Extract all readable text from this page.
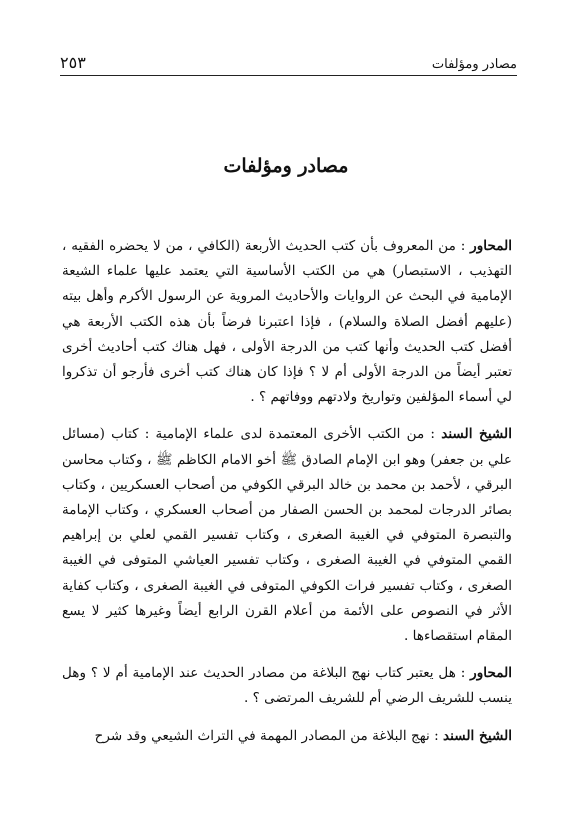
مصادر ومؤلفات
٢٥٣
مصادر ومؤلفات

المحاور : من المعروف بأن كتب الحديث الأربعة (الكافي ، من لا يحضره الفقيه ، التهذيب ، الاستبصار) هي من الكتب الأساسية التي يعتمد عليها علماء الشيعة الإمامية في البحث عن الروايات والأحاديث المروية عن الرسول الأكرم وأهل بيته (عليهم أفضل الصلاة والسلام) ، فإذا اعتبرنا فرضاً بأن هذه الكتب الأربعة هي أفضل كتب الحديث وأنها كتب من الدرجة الأولى ، فهل هناك كتب أحاديث أخرى تعتبر أيضاً من الدرجة الأولى أم لا ؟ فإذا كان هناك كتب أخرى فأرجو أن تذكروا لي أسماء المؤلفين وتواريخ ولادتهم ووفاتهم ؟ .

الشيخ السند : من الكتب الأخرى المعتمدة لدى علماء الإمامية : كتاب (مسائل علي بن جعفر) وهو ابن الإمام الصادق ﷺ أخو الامام الكاظم ﷺ ، وكتاب محاسن البرقي ، لأحمد بن محمد بن خالد البرقي الكوفي من أصحاب العسكريين ، وكتاب بصائر الدرجات لمحمد بن الحسن الصفار من أصحاب العسكري ، وكتاب الإمامة والتبصرة المتوفي في الغيبة الصغرى ، وكتاب تفسير القمي لعلي بن إبراهيم القمي المتوفي في الغيبة الصغرى ، وكتاب تفسير العياشي المتوفى في الغيبة الصغرى ، وكتاب تفسير فرات الكوفي المتوفى في الغيبة الصغرى ، وكتاب كفاية الأثر في النصوص على الأئمة من أعلام القرن الرابع أيضاً وغيرها كثير لا يسع المقام استقصاءها .

المحاور : هل يعتبر كتاب نهج البلاغة من مصادر الحديث عند الإمامية أم لا ؟ وهل ينسب للشريف الرضي أم للشريف المرتضى ؟ .

الشيخ السند : نهج البلاغة من المصادر المهمة في التراث الشيعي وقد شرح
